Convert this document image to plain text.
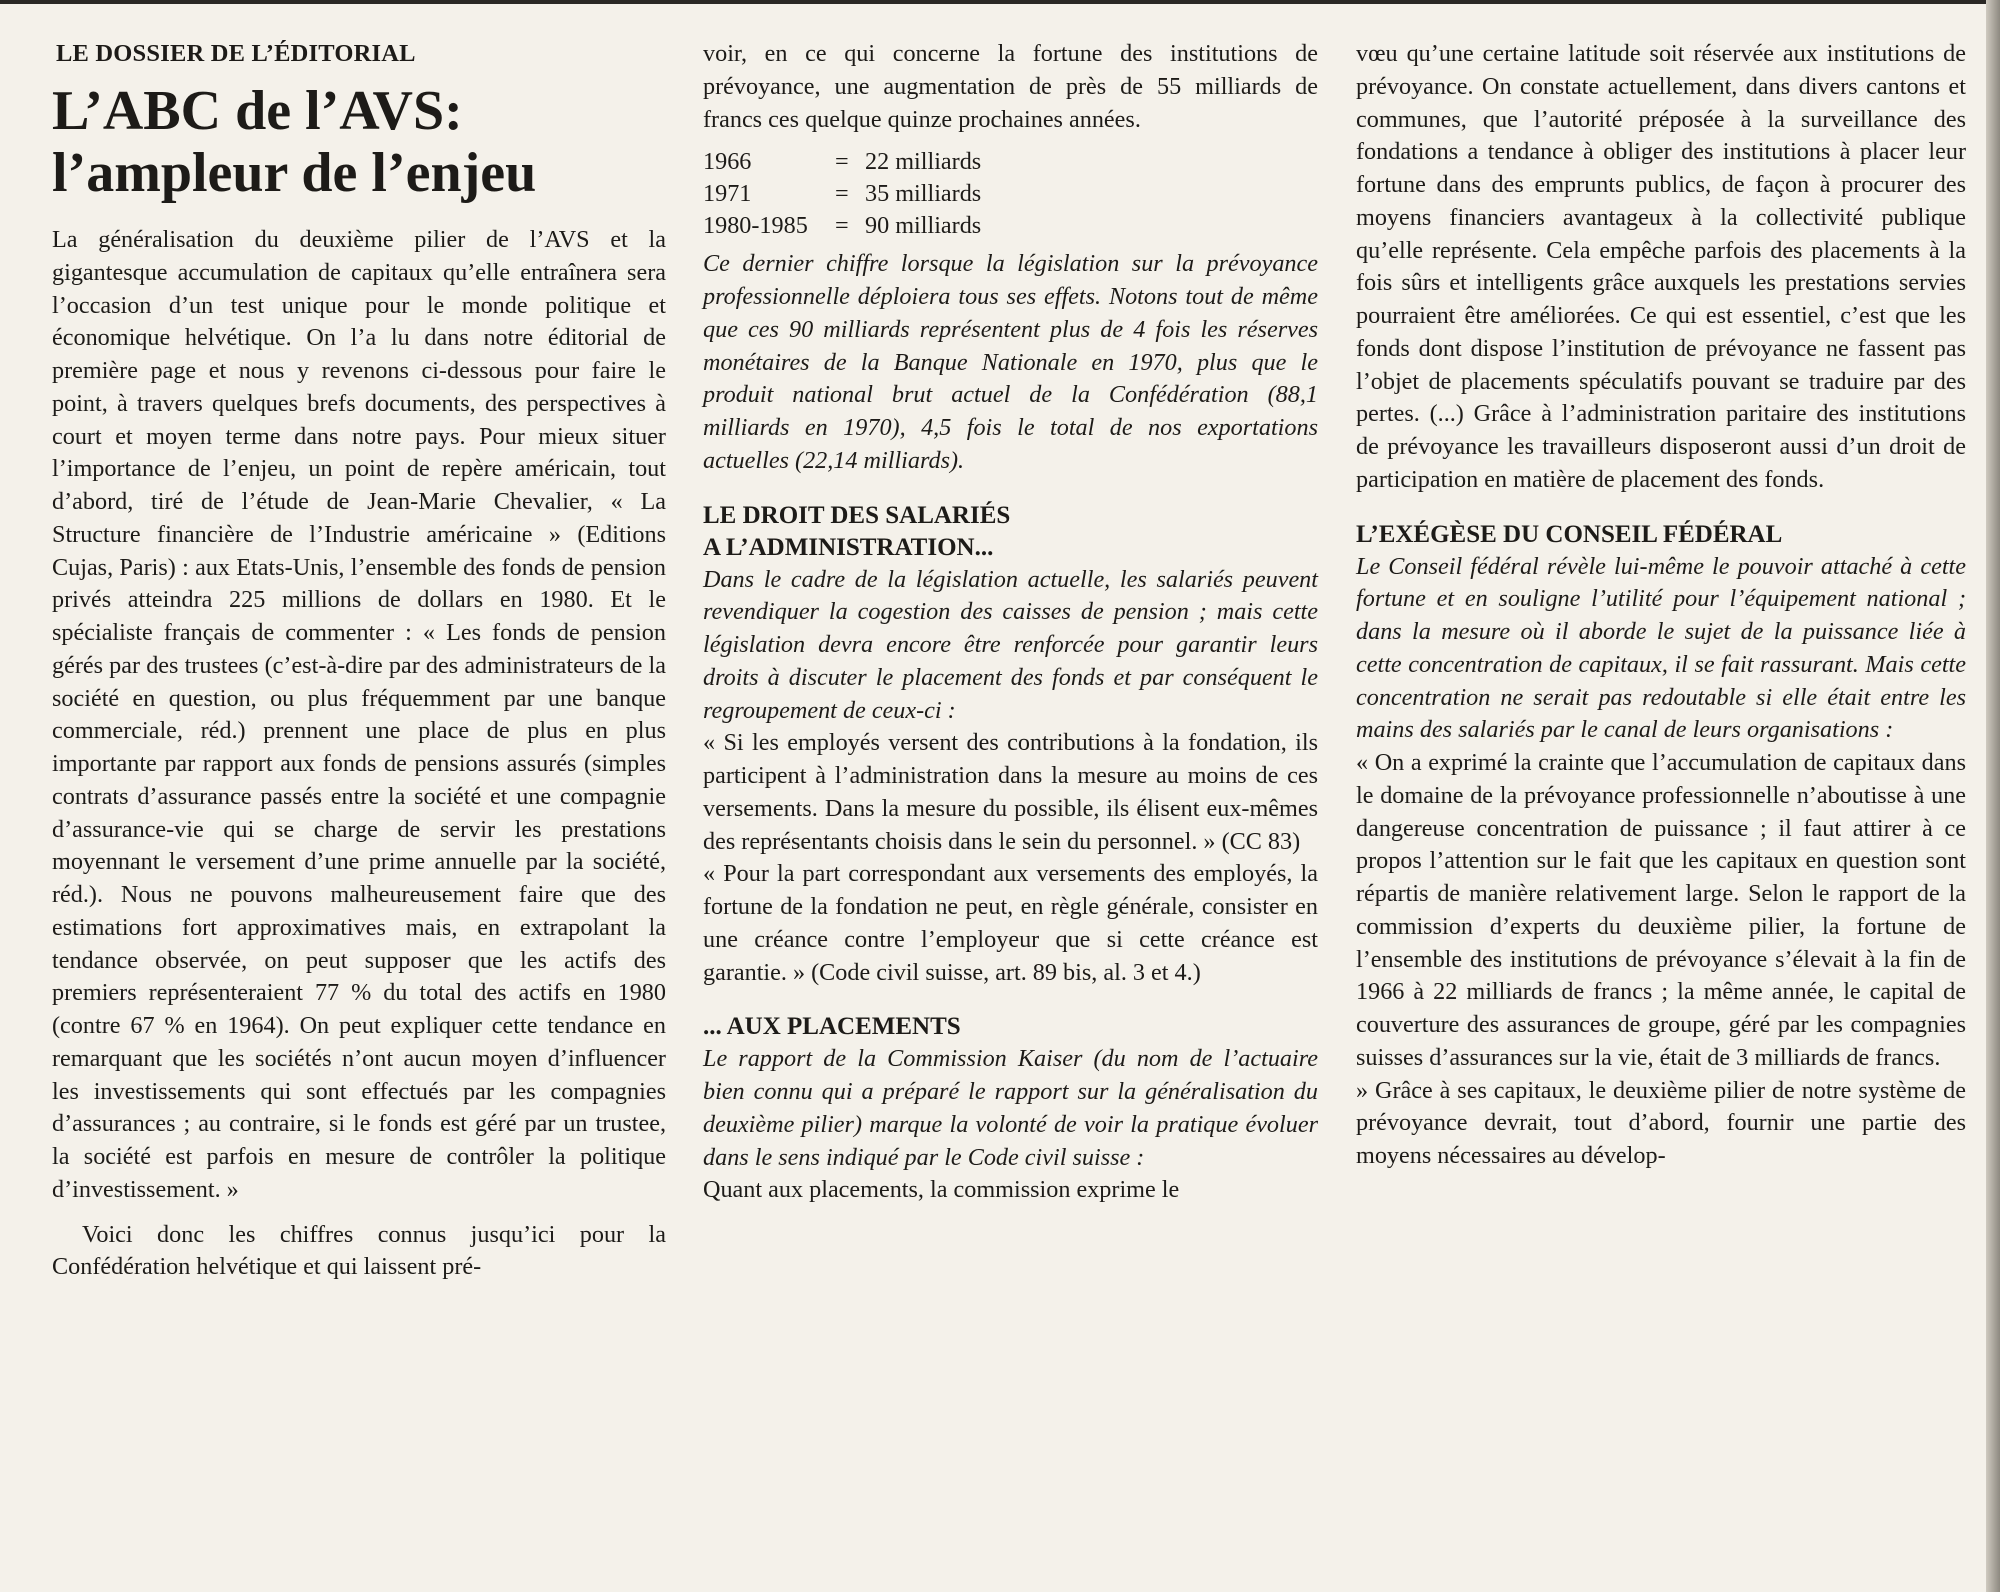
LE DOSSIER DE L’ÉDITORIAL
L’ABC de l’AVS:
l’ampleur de l’enjeu

La généralisation du deuxième pilier de l’AVS et la gigantesque accumulation de capitaux qu’elle entraînera sera l’occasion d’un test unique pour le monde politique et économique helvétique. On l’a lu dans notre éditorial de première page et nous y revenons ci-dessous pour faire le point, à travers quelques brefs documents, des perspectives à court et moyen terme dans notre pays. Pour mieux situer l’importance de l’enjeu, un point de repère américain, tout d’abord, tiré de l’étude de Jean-Marie Chevalier, « La Structure financière de l’Industrie américaine » (Editions Cujas, Paris) : aux Etats-Unis, l’ensemble des fonds de pension privés atteindra 225 millions de dollars en 1980. Et le spécialiste français de commenter : « Les fonds de pension gérés par des trustees (c’est-à-dire par des administrateurs de la société en question, ou plus fréquemment par une banque commerciale, réd.) prennent une place de plus en plus importante par rapport aux fonds de pensions assurés (simples contrats d’assurance passés entre la société et une compagnie d’assurance-vie qui se charge de servir les prestations moyennant le versement d’une prime annuelle par la société, réd.). Nous ne pouvons malheureusement faire que des estimations fort approximatives mais, en extrapolant la tendance observée, on peut supposer que les actifs des premiers représenteraient 77 % du total des actifs en 1980 (contre 67 % en 1964). On peut expliquer cette tendance en remarquant que les sociétés n’ont aucun moyen d’influencer les investissements qui sont effectués par les compagnies d’assurances ; au contraire, si le fonds est géré par un trustee, la société est parfois en mesure de contrôler la politique d’investissement. »

Voici donc les chiffres connus jusqu’ici pour la Confédération helvétique et qui laissent pré-

voir, en ce qui concerne la fortune des institutions de prévoyance, une augmentation de près de 55 milliards de francs ces quelque quinze prochaines années.

1966	= 22 milliards
1971	= 35 milliards
1980-1985	= 90 milliards

Ce dernier chiffre lorsque la législation sur la prévoyance professionnelle déploiera tous ses effets. Notons tout de même que ces 90 milliards représentent plus de 4 fois les réserves monétaires de la Banque Nationale en 1970, plus que le produit national brut actuel de la Confédération (88,1 milliards en 1970), 4,5 fois le total de nos exportations actuelles (22,14 milliards).

LE DROIT DES SALARIÉS
A L’ADMINISTRATION...

Dans le cadre de la législation actuelle, les salariés peuvent revendiquer la cogestion des caisses de pension ; mais cette législation devra encore être renforcée pour garantir leurs droits à discuter le placement des fonds et par conséquent le regroupement de ceux-ci :

« Si les employés versent des contributions à la fondation, ils participent à l’administration dans la mesure au moins de ces versements. Dans la mesure du possible, ils élisent eux-mêmes des représentants choisis dans le sein du personnel. » (CC 83)

« Pour la part correspondant aux versements des employés, la fortune de la fondation ne peut, en règle générale, consister en une créance contre l’employeur que si cette créance est garantie. » (Code civil suisse, art. 89 bis, al. 3 et 4.)

... AUX PLACEMENTS

Le rapport de la Commission Kaiser (du nom de l’actuaire bien connu qui a préparé le rapport sur la généralisation du deuxième pilier) marque la volonté de voir la pratique évoluer dans le sens indiqué par le Code civil suisse :

Quant aux placements, la commission exprime le

vœu qu’une certaine latitude soit réservée aux institutions de prévoyance. On constate actuellement, dans divers cantons et communes, que l’autorité préposée à la surveillance des fondations a tendance à obliger des institutions à placer leur fortune dans des emprunts publics, de façon à procurer des moyens financiers avantageux à la collectivité publique qu’elle représente. Cela empêche parfois des placements à la fois sûrs et intelligents grâce auxquels les prestations servies pourraient être améliorées. Ce qui est essentiel, c’est que les fonds dont dispose l’institution de prévoyance ne fassent pas l’objet de placements spéculatifs pouvant se traduire par des pertes. (...) Grâce à l’administration paritaire des institutions de prévoyance les travailleurs disposeront aussi d’un droit de participation en matière de placement des fonds.

L’EXÉGÈSE DU CONSEIL FÉDÉRAL

Le Conseil fédéral révèle lui-même le pouvoir attaché à cette fortune et en souligne l’utilité pour l’équipement national ; dans la mesure où il aborde le sujet de la puissance liée à cette concentration de capitaux, il se fait rassurant. Mais cette concentration ne serait pas redoutable si elle était entre les mains des salariés par le canal de leurs organisations :

« On a exprimé la crainte que l’accumulation de capitaux dans le domaine de la prévoyance professionnelle n’aboutisse à une dangereuse concentration de puissance ; il faut attirer à ce propos l’attention sur le fait que les capitaux en question sont répartis de manière relativement large. Selon le rapport de la commission d’experts du deuxième pilier, la fortune de l’ensemble des institutions de prévoyance s’élevait à la fin de 1966 à 22 milliards de francs ; la même année, le capital de couverture des assurances de groupe, géré par les compagnies suisses d’assurances sur la vie, était de 3 milliards de francs.

» Grâce à ses capitaux, le deuxième pilier de notre système de prévoyance devrait, tout d’abord, fournir une partie des moyens nécessaires au dévelop-
